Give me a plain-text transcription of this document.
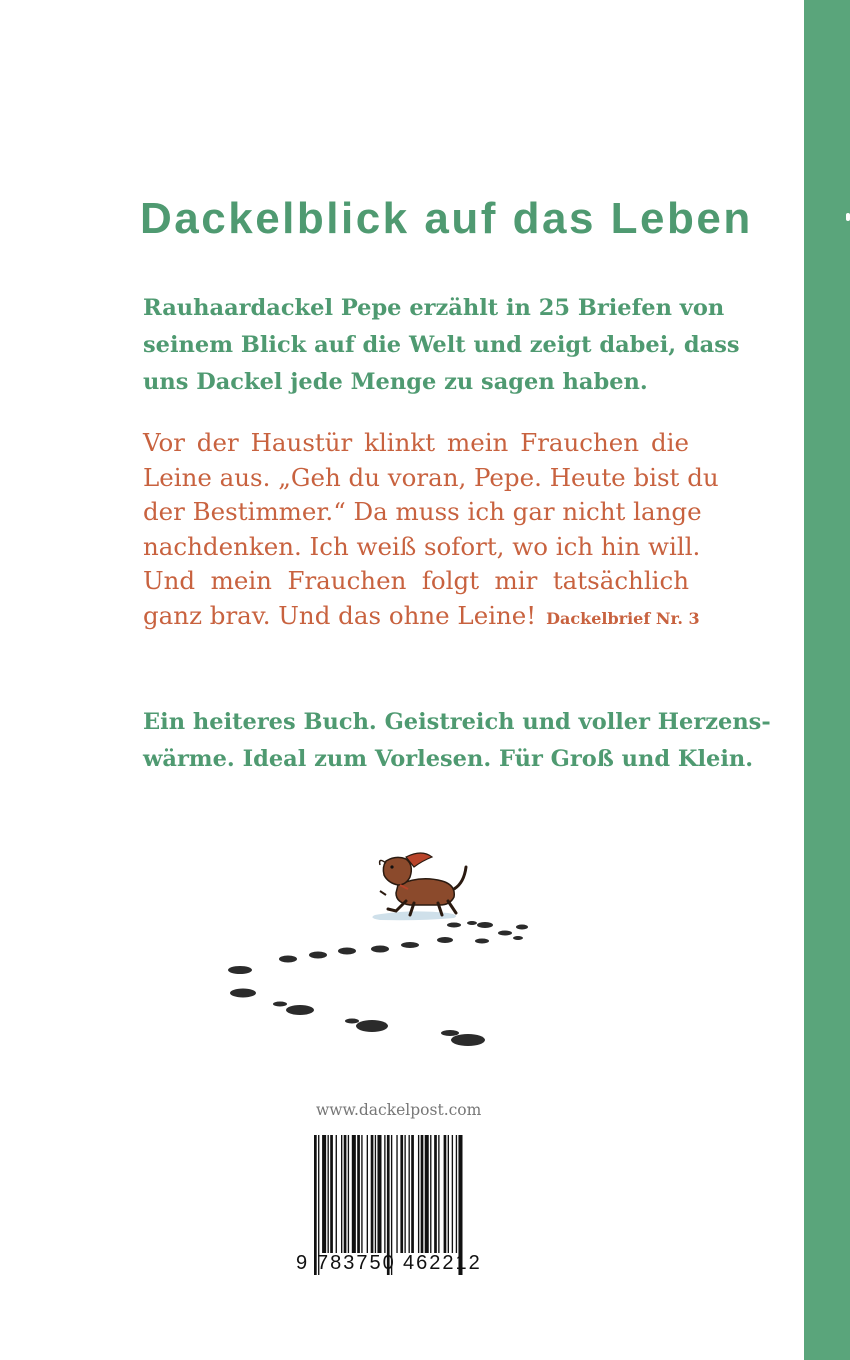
Dackelblick auf das Leben

Rauhaardackel Pepe erzählt in 25 Briefen von
seinem Blick auf die Welt und zeigt dabei, dass
uns Dackel jede Menge zu sagen haben.

Vor der Haustür klinkt mein Frauchen die
Leine aus. „Geh du voran, Pepe. Heute bist du
der Bestimmer.“ Da muss ich gar nicht lange
nachdenken. Ich weiß sofort, wo ich hin will.
Und mein Frauchen folgt mir tatsächlich
ganz brav. Und das ohne Leine! Dackelbrief Nr. 3

Ein heiteres Buch. Geistreich und voller Herzens-
wärme. Ideal zum Vorlesen. Für Groß und Klein.

www.dackelpost.com

9 783750 462212
